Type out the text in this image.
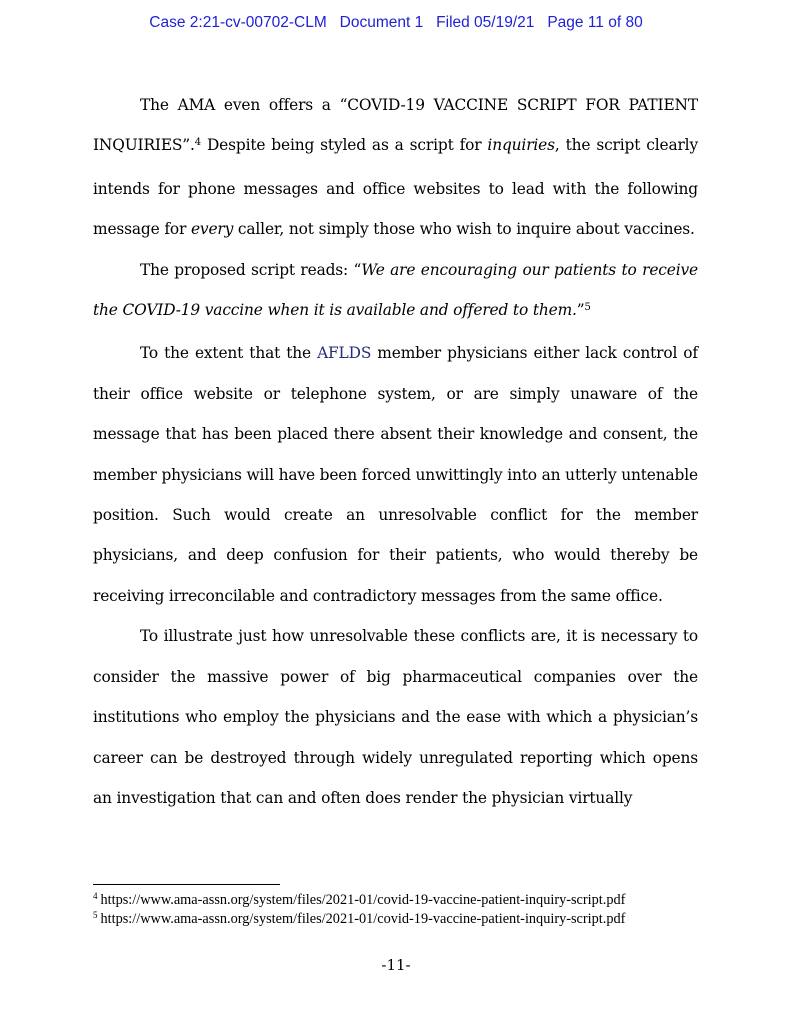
Case 2:21-cv-00702-CLM   Document 1   Filed 05/19/21   Page 11 of 80

The AMA even offers a “COVID-19 VACCINE SCRIPT FOR PATIENT INQUIRIES”.$^4$ Despite being styled as a script for inquiries, the script clearly intends for phone messages and office websites to lead with the following message for every caller, not simply those who wish to inquire about vaccines.

The proposed script reads: “We are encouraging our patients to receive the COVID-19 vaccine when it is available and offered to them.”$^5$

To the extent that the AFLDS member physicians either lack control of their office website or telephone system, or are simply unaware of the message that has been placed there absent their knowledge and consent, the member physicians will have been forced unwittingly into an utterly untenable position. Such would create an unresolvable conflict for the member physicians, and deep confusion for their patients, who would thereby be receiving irreconcilable and contradictory messages from the same office.

To illustrate just how unresolvable these conflicts are, it is necessary to consider the massive power of big pharmaceutical companies over the institutions who employ the physicians and the ease with which a physician’s career can be destroyed through widely unregulated reporting which opens an investigation that can and often does render the physician virtually

$^4$ https://www.ama-assn.org/system/files/2021-01/covid-19-vaccine-patient-inquiry-script.pdf
$^5$ https://www.ama-assn.org/system/files/2021-01/covid-19-vaccine-patient-inquiry-script.pdf
-11-
